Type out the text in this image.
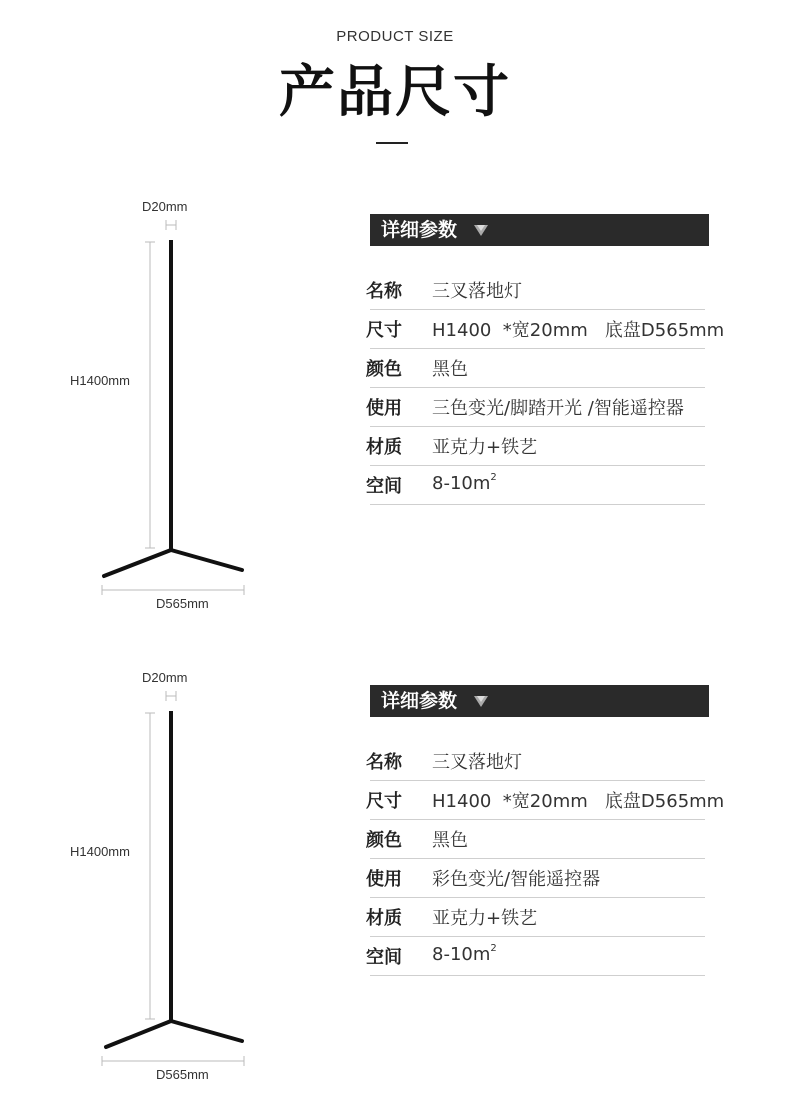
PRODUCT SIZE
产品尺寸
D20mm
H1400mm
D565mm
详细参数
名称 三叉落地灯
尺寸 H1400  *宽20mm   底盘D565mm
颜色 黑色
使用 三色变光/脚踏开光 /智能遥控器
材质 亚克力+铁艺
空间 $8-10m^2$
D20mm
H1400mm
D565mm
详细参数
名称 三叉落地灯
尺寸 H1400  *宽20mm   底盘D565mm
颜色 黑色
使用 彩色变光/智能遥控器
材质 亚克力+铁艺
空间 $8-10m^2$
